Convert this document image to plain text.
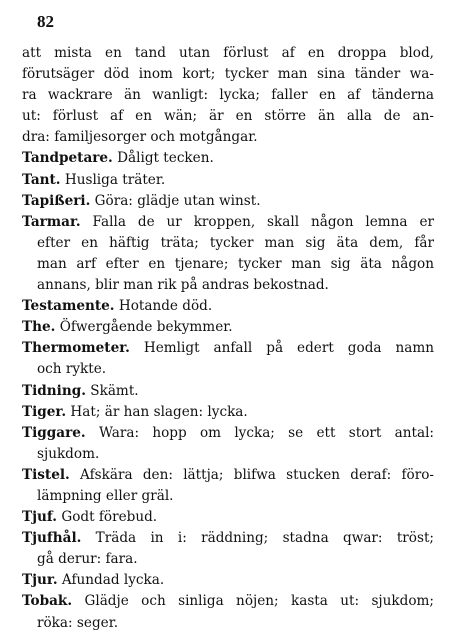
82
att mista en tand utan förlust af en droppa blod,
förutsäger död inom kort; tycker man sina tänder wa-
ra wackrare än wanligt: lycka; faller en af tänderna
ut: förlust af en wän; är en större än alla de an-
dra: familjesorger och motgångar.
Tandpetare. Dåligt tecken.
Tant. Husliga träter.
Tapißeri. Göra: glädje utan winst.
Tarmar. Falla de ur kroppen, skall någon lemna er
efter en häftig träta; tycker man sig äta dem, får
man arf efter en tjenare; tycker man sig äta någon
annans, blir man rik på andras bekostnad.
Testamente. Hotande död.
The. Öfwergående bekymmer.
Thermometer. Hemligt anfall på edert goda namn
och rykte.
Tidning. Skämt.
Tiger. Hat; är han slagen: lycka.
Tiggare. Wara: hopp om lycka; se ett stort antal:
sjukdom.
Tistel. Afskära den: lättja; blifwa stucken deraf: föro-
lämpning eller gräl.
Tjuf. Godt förebud.
Tjufhål. Träda in i: räddning; stadna qwar: tröst;
gå derur: fara.
Tjur. Afundad lycka.
Tobak. Glädje och sinliga nöjen; kasta ut: sjukdom;
röka: seger.
